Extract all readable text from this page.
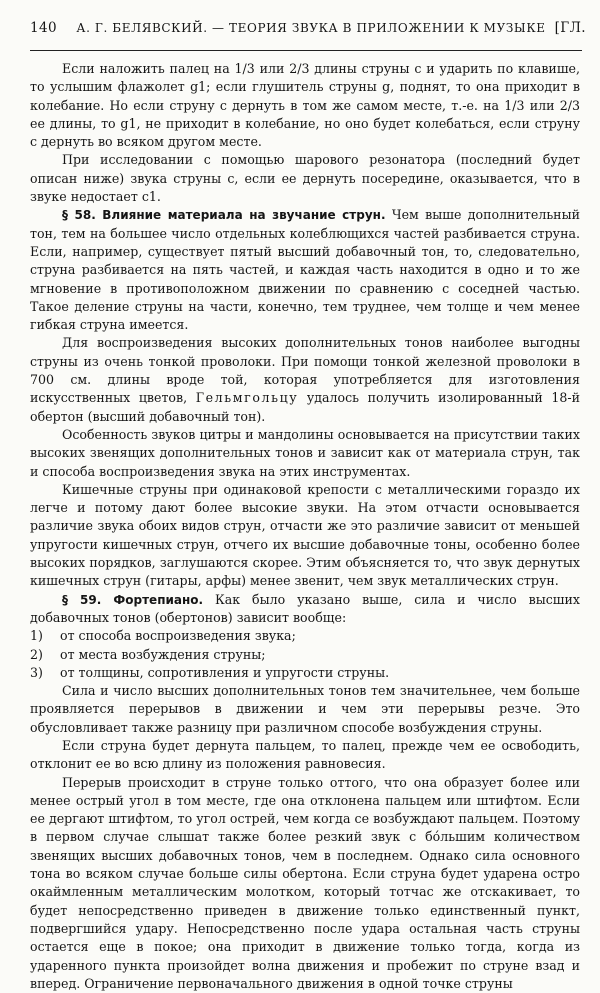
140	А. Г. БЕЛЯВСКИЙ. — ТЕОРИЯ ЗВУКА В ПРИЛОЖЕНИИ К МУЗЫКЕ [ГЛ.

Если наложить палец на 1/3 или 2/3 длины струны c и ударить по клавише, то услышим флажолет g1; если глушитель струны g, поднят, то она приходит в колебание. Но если струну c дернуть в том же самом месте, т.-е. на 1/3 или 2/3 ее длины, то g1, не приходит в колебание, но оно будет колебаться, если струну c дернуть во всяком другом месте.

При исследовании с помощью шарового резонатора (последний будет описан ниже) звука струны c, если ее дернуть посередине, оказывается, что в звуке недостает c1.

§ 58. Влияние материала на звучание струн. Чем выше дополнительный тон, тем на большее число отдельных колеблющихся частей разбивается струна. Если, например, существует пятый высший добавочный тон, то, следовательно, струна разбивается на пять частей, и каждая часть находится в одно и то же мгновение в противоположном движении по сравнению с соседней частью. Такое деление струны на части, конечно, тем труднее, чем толще и чем менее гибкая струна имеется.

Для воспроизведения высоких дополнительных тонов наиболее выгодны струны из очень тонкой проволоки. При помощи тонкой железной проволоки в 700 см. длины вроде той, которая употребляется для изготовления искусственных цветов, Гельмгольцу удалось получить изолированный 18-й обертон (высший добавочный тон).

Особенность звуков цитры и мандолины основывается на присутствии таких высоких звенящих дополнительных тонов и зависит как от материала струн, так и способа воспроизведения звука на этих инструментах.

Кишечные струны при одинаковой крепости с металлическими гораздо их легче и потому дают более высокие звуки. На этом отчасти основывается различие звука обоих видов струн, отчасти же это различие зависит от меньшей упругости кишечных струн, отчего их высшие добавочные тоны, особенно более высоких порядков, заглушаются скорее. Этим объясняется то, что звук дернутых кишечных струн (гитары, арфы) менее звенит, чем звук металлических струн.

§ 59. Фортепиано. Как было указано выше, сила и число высших добавочных тонов (обертонов) зависит вообще:

1) от способа воспроизведения звука;

2) от места возбуждения струны;

3) от толщины, сопротивления и упругости струны.

Сила и число высших дополнительных тонов тем значительнее, чем больше проявляется перерывов в движении и чем эти перерывы резче. Это обусловливает также разницу при различном способе возбуждения струны.

Если струна будет дернута пальцем, то палец, прежде чем ее освободить, отклонит ее во всю длину из положения равновесия.

Перерыв происходит в струне только оттого, что она образует более или менее острый угол в том месте, где она отклонена пальцем или штифтом. Если ее дергают штифтом, то угол острей, чем когда се возбуждают пальцем. Поэтому в первом случае слышат также более резкий звук с бо́льшим количеством звенящих высших добавочных тонов, чем в последнем. Однако сила основного тона во всяком случае больше силы обертона. Если струна будет ударена остро окаймленным металлическим молотком, который тотчас же отскакивает, то будет непосредственно приведен в движение только единственный пункт, подвергшийся удару. Непосредственно после удара остальная часть струны остается еще в покое; она приходит в движение только тогда, когда из ударенного пункта произойдет волна движения и пробежит по струне взад и вперед. Ограничение первоначального движения в одной точке струны
